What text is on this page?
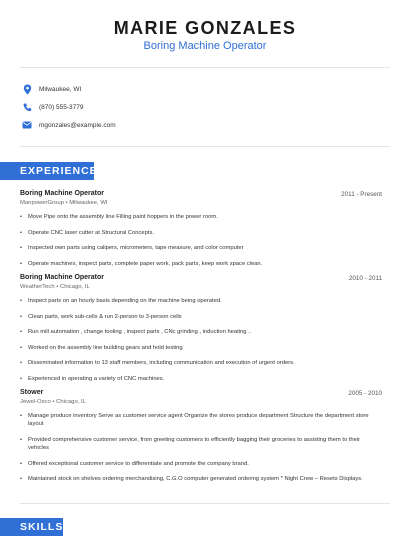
MARIE GONZALES
Boring Machine Operator
Milwaukee, WI
(870) 555-3779
mgonzales@example.com
EXPERIENCE
Boring Machine Operator	2011 - Present
ManpowerGroup • Milwaukee, WI
•	Move Pipe onto the assembly line Filling paint hoppers in the power room.
•	Operate CNC laser cutter at Structural Concepts.
•	Inspected own parts using calipers, micrometers, tape measure, and color computer
•	Operate machines, inspect parts, complete paper work, pack parts, keep work space clean.
Boring Machine Operator	2010 - 2011
WeatherTech • Chicago, IL
•	Inspect parts on an hourly basis depending on the machine being operated.
•	Clean parts, work sub-cells & run 2-person to 3-person cells
•	Run mill automation , change tooling , inspect parts , CNc grinding , induction heating ..
•	Worked on the assembly line building gears and hold testing
•	Disseminated information to 13 staff members, including communication and execution of urgent orders.
•	Experienced in operating a variety of CNC machines.
Stower	2005 - 2010
Jewel-Osco • Chicago, IL
•	Manage produce inventory Serve as customer service agent Organize the stores produce department Structure the department store layout
•	Provided comprehensive customer service, from greeting customers to efficiently bagging their groceries to assisting them to their vehicles
•	Offered exceptional customer service to differentiate and promote the company brand.
•	Maintained stock on shelves ordering merchandising, C.G.O computer generated ordering system * Night Crew – Resets Displays.
SKILLS
